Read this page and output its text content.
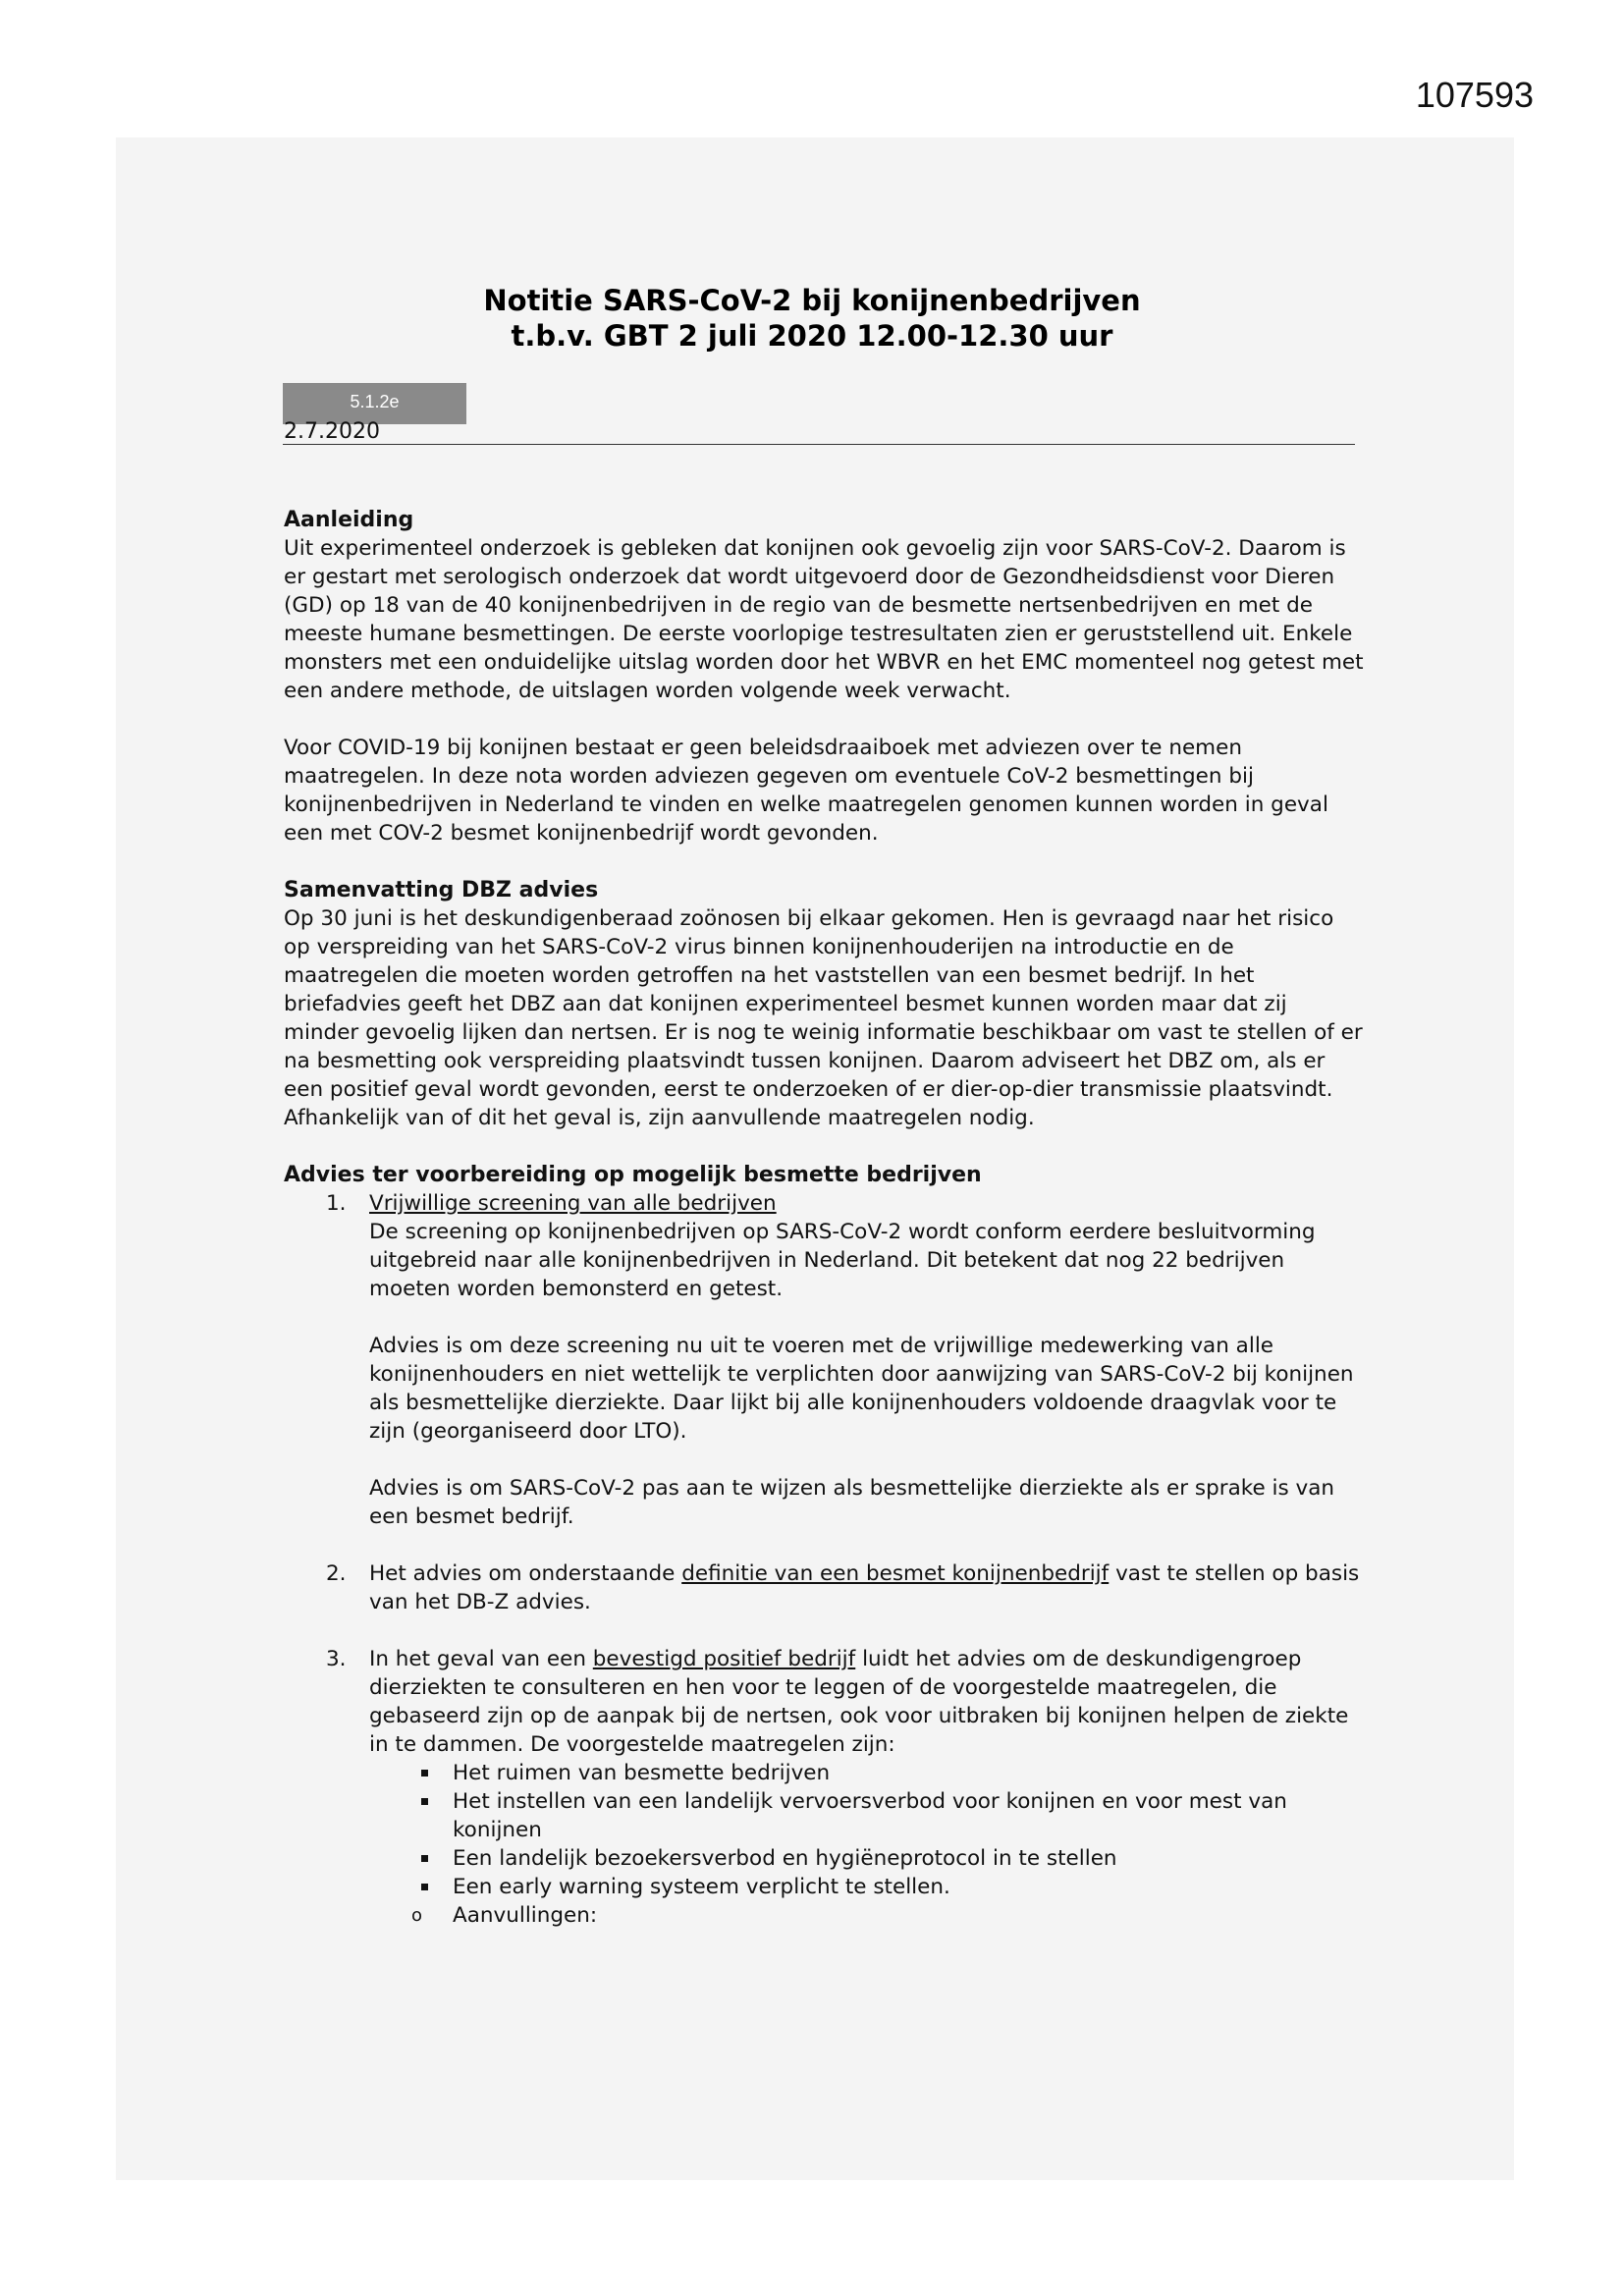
107593
Notitie SARS-CoV-2 bij konijnenbedrijven
t.b.v. GBT 2 juli 2020 12.00-12.30 uur
5.1.2e
2.7.2020
Aanleiding

Uit experimenteel onderzoek is gebleken dat konijnen ook gevoelig zijn voor SARS-CoV-2. Daarom is er gestart met serologisch onderzoek dat wordt uitgevoerd door de Gezondheidsdienst voor Dieren (GD) op 18 van de 40 konijnenbedrijven in de regio van de besmette nertsenbedrijven en met de meeste humane besmettingen. De eerste voorlopige testresultaten zien er geruststellend uit. Enkele monsters met een onduidelijke uitslag worden door het WBVR en het EMC momenteel nog getest met een andere methode, de uitslagen worden volgende week verwacht.

Voor COVID-19 bij konijnen bestaat er geen beleidsdraaiboek met adviezen over te nemen maatregelen. In deze nota worden adviezen gegeven om eventuele CoV-2 besmettingen bij konijnenbedrijven in Nederland te vinden en welke maatregelen genomen kunnen worden in geval een met COV-2 besmet konijnenbedrijf wordt gevonden.

Samenvatting DBZ advies

Op 30 juni is het deskundigenberaad zoönosen bij elkaar gekomen. Hen is gevraagd naar het risico op verspreiding van het SARS-CoV-2 virus binnen konijnenhouderijen na introductie en de maatregelen die moeten worden getroffen na het vaststellen van een besmet bedrijf. In het briefadvies geeft het DBZ aan dat konijnen experimenteel besmet kunnen worden maar dat zij minder gevoelig lijken dan nertsen. Er is nog te weinig informatie beschikbaar om vast te stellen of er na besmetting ook verspreiding plaatsvindt tussen konijnen. Daarom adviseert het DBZ om, als er een positief geval wordt gevonden, eerst te onderzoeken of er dier-op-dier transmissie plaatsvindt. Afhankelijk van of dit het geval is, zijn aanvullende maatregelen nodig.

Advies ter voorbereiding op mogelijk besmette bedrijven
1. Vrijwillige screening van alle bedrijven

De screening op konijnenbedrijven op SARS-CoV-2 wordt conform eerdere besluitvorming uitgebreid naar alle konijnenbedrijven in Nederland. Dit betekent dat nog 22 bedrijven moeten worden bemonsterd en getest.

Advies is om deze screening nu uit te voeren met de vrijwillige medewerking van alle konijnenhouders en niet wettelijk te verplichten door aanwijzing van SARS-CoV-2 bij konijnen als besmettelijke dierziekte. Daar lijkt bij alle konijnenhouders voldoende draagvlak voor te zijn (georganiseerd door LTO).

Advies is om SARS-CoV-2 pas aan te wijzen als besmettelijke dierziekte als er sprake is van een besmet bedrijf.

2. Het advies om onderstaande definitie van een besmet konijnenbedrijf vast te stellen op basis van het DB-Z advies.

3. In het geval van een bevestigd positief bedrijf luidt het advies om de deskundigengroep dierziekten te consulteren en hen voor te leggen of de voorgestelde maatregelen, die gebaseerd zijn op de aanpak bij de nertsen, ook voor uitbraken bij konijnen helpen de ziekte in te dammen. De voorgestelde maatregelen zijn:

Het ruimen van besmette bedrijven
Het instellen van een landelijk vervoersverbod voor konijnen en voor mest van konijnen
Een landelijk bezoekersverbod en hygiëneprotocol in te stellen
Een early warning systeem verplicht te stellen.
o Aanvullingen:
